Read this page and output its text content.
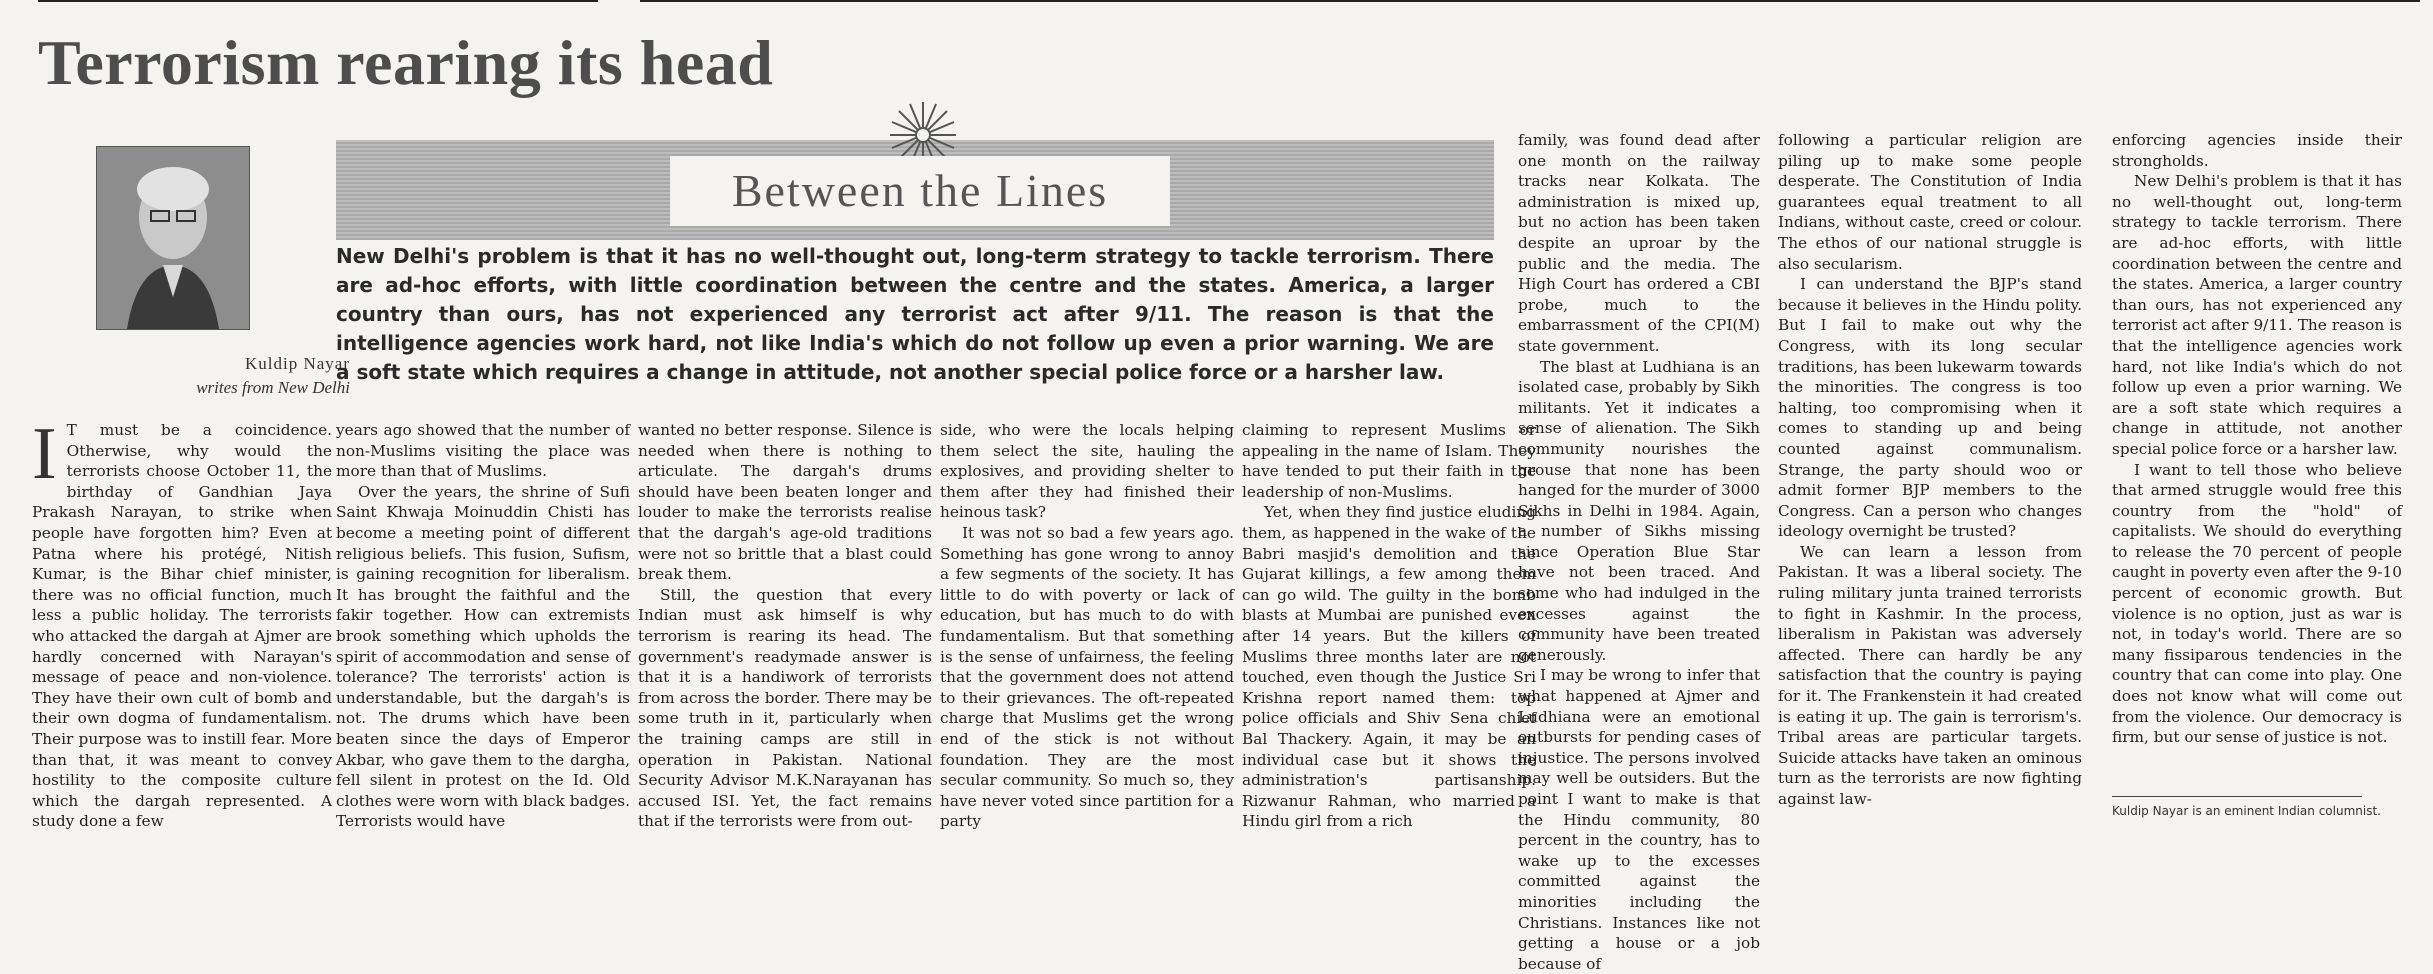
Terrorism rearing its head
Kuldip Nayar
writes from New Delhi
Between the Lines
New Delhi's problem is that it has no well-thought out, long-term strategy to tackle terrorism. There are ad-hoc efforts, with little coordination between the centre and the states. America, a larger country than ours, has not experienced any terrorist act after 9/11. The reason is that the intelligence agencies work hard, not like India's which do not follow up even a prior warning. We are a soft state which requires a change in attitude, not another special police force or a harsher law.

I T must be a coincidence. Otherwise, why would the terrorists choose October 11, the birthday of Gandhian Jaya Prakash Narayan, to strike when people have forgotten him? Even at Patna where his protégé, Nitish Kumar, is the Bihar chief minister, there was no official function, much less a public holiday. The terrorists who attacked the dargah at Ajmer are hardly concerned with Narayan's message of peace and non-violence. They have their own cult of bomb and their own dogma of fundamentalism. Their purpose was to instill fear. More than that, it was meant to convey hostility to the composite culture which the dargah represented. A study done a few

years ago showed that the number of non-Muslims visiting the place was more than that of Muslims.

Over the years, the shrine of Sufi Saint Khwaja Moinuddin Chisti has become a meeting point of different religious beliefs. This fusion, Sufism, is gaining recognition for liberalism. It has brought the faithful and the fakir together. How can extremists brook something which upholds the spirit of accommodation and sense of tolerance? The terrorists' action is understandable, but the dargah's is not. The drums which have been beaten since the days of Emperor Akbar, who gave them to the dargha, fell silent in protest on the Id. Old clothes were worn with black badges. Terrorists would have

wanted no better response. Silence is needed when there is nothing to articulate. The dargah's drums should have been beaten longer and louder to make the terrorists realise that the dargah's age-old traditions were not so brittle that a blast could break them.

Still, the question that every Indian must ask himself is why terrorism is rearing its head. The government's readymade answer is that it is a handiwork of terrorists from across the border. There may be some truth in it, particularly when the training camps are still in operation in Pakistan. National Security Advisor M.K.Narayanan has accused ISI. Yet, the fact remains that if the terrorists were from out-

side, who were the locals helping them select the site, hauling the explosives, and providing shelter to them after they had finished their heinous task?

It was not so bad a few years ago. Something has gone wrong to annoy a few segments of the society. It has little to do with poverty or lack of education, but has much to do with fundamentalism. But that something is the sense of unfairness, the feeling that the government does not attend to their grievances. The oft-repeated charge that Muslims get the wrong end of the stick is not without foundation. They are the most secular community. So much so, they have never voted since partition for a party

claiming to represent Muslims or appealing in the name of Islam. They have tended to put their faith in the leadership of non-Muslims.

Yet, when they find justice eluding them, as happened in the wake of the Babri masjid's demolition and the Gujarat killings, a few among them can go wild. The guilty in the bomb blasts at Mumbai are punished even after 14 years. But the killers of Muslims three months later are not touched, even though the Justice Sri Krishna report named them: top police officials and Shiv Sena chief Bal Thackery. Again, it may be an individual case but it shows the administration's partisanship. Rizwanur Rahman, who married a Hindu girl from a rich

family, was found dead after one month on the railway tracks near Kolkata. The administration is mixed up, but no action has been taken despite an uproar by the public and the media. The High Court has ordered a CBI probe, much to the embarrassment of the CPI(M) state government.

The blast at Ludhiana is an isolated case, probably by Sikh militants. Yet it indicates a sense of alienation. The Sikh community nourishes the grouse that none has been hanged for the murder of 3000 Sikhs in Delhi in 1984. Again, a number of Sikhs missing since Operation Blue Star have not been traced. And some who had indulged in the excesses against the community have been treated generously.

I may be wrong to infer that what happened at Ajmer and Ludhiana were an emotional outbursts for pending cases of injustice. The persons involved may well be outsiders. But the point I want to make is that the Hindu community, 80 percent in the country, has to wake up to the excesses committed against the minorities including the Christians. Instances like not getting a house or a job because of

following a particular religion are piling up to make some people desperate. The Constitution of India guarantees equal treatment to all Indians, without caste, creed or colour. The ethos of our national struggle is also secularism.

I can understand the BJP's stand because it believes in the Hindu polity. But I fail to make out why the Congress, with its long secular traditions, has been lukewarm towards the minorities. The congress is too halting, too compromising when it comes to standing up and being counted against communalism. Strange, the party should woo or admit former BJP members to the Congress. Can a person who changes ideology overnight be trusted?

We can learn a lesson from Pakistan. It was a liberal society. The ruling military junta trained terrorists to fight in Kashmir. In the process, liberalism in Pakistan was adversely affected. There can hardly be any satisfaction that the country is paying for it. The Frankenstein it had created is eating it up. The gain is terrorism's. Tribal areas are particular targets. Suicide attacks have taken an ominous turn as the terrorists are now fighting against law-

enforcing agencies inside their strongholds.

New Delhi's problem is that it has no well-thought out, long-term strategy to tackle terrorism. There are ad-hoc efforts, with little coordination between the centre and the states. America, a larger country than ours, has not experienced any terrorist act after 9/11. The reason is that the intelligence agencies work hard, not like India's which do not follow up even a prior warning. We are a soft state which requires a change in attitude, not another special police force or a harsher law.

I want to tell those who believe that armed struggle would free this country from the "hold" of capitalists. We should do everything to release the 70 percent of people caught in poverty even after the 9-10 percent of economic growth. But violence is no option, just as war is not, in today's world. There are so many fissiparous tendencies in the country that can come into play. One does not know what will come out from the violence. Our democracy is firm, but our sense of justice is not.

Kuldip Nayar is an eminent Indian columnist.
